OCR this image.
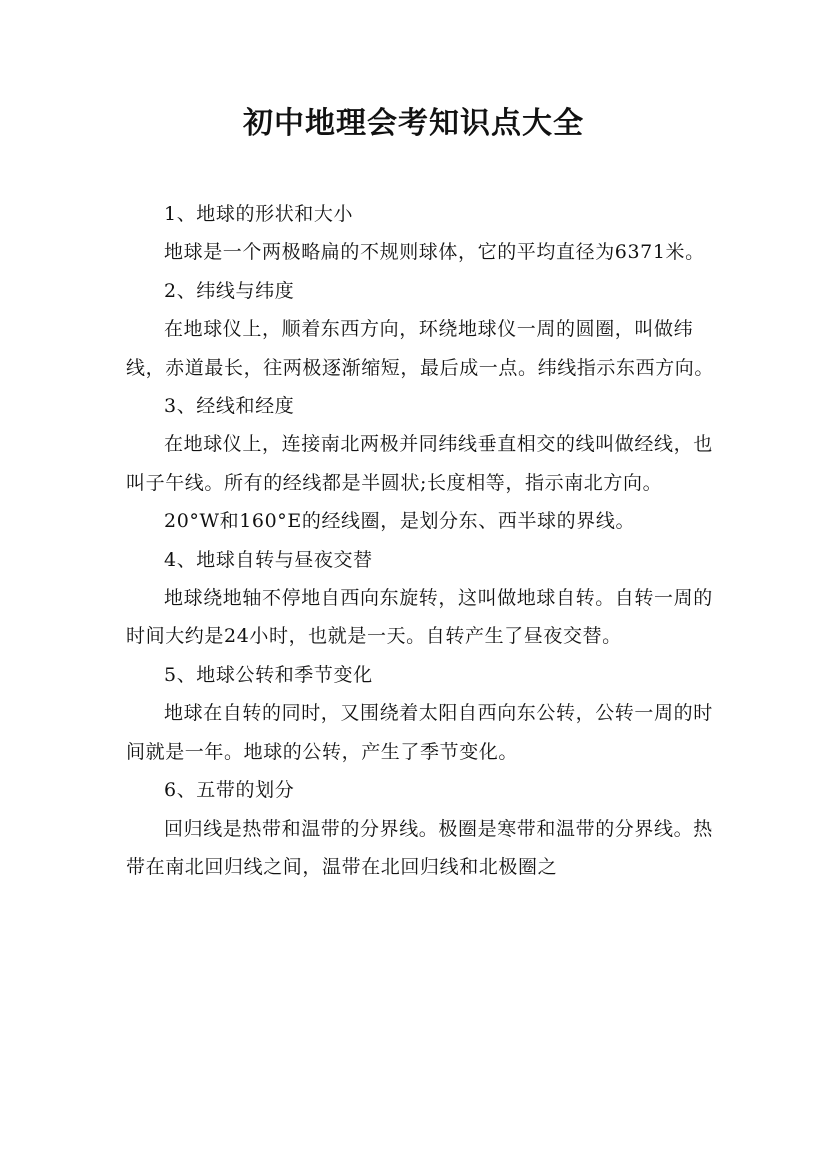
初中地理会考知识点大全

1、地球的形状和大小

地球是一个两极略扁的不规则球体，它的平均直径为6371米。

2、纬线与纬度

在地球仪上，顺着东西方向，环绕地球仪一周的圆圈，叫做纬线，赤道最长，往两极逐渐缩短，最后成一点。纬线指示东西方向。

3、经线和经度

在地球仪上，连接南北两极并同纬线垂直相交的线叫做经线，也叫子午线。所有的经线都是半圆状;长度相等，指示南北方向。

20°W和160°E的经线圈，是划分东、西半球的界线。

4、地球自转与昼夜交替

地球绕地轴不停地自西向东旋转，这叫做地球自转。自转一周的时间大约是24小时，也就是一天。自转产生了昼夜交替。

5、地球公转和季节变化

地球在自转的同时，又围绕着太阳自西向东公转，公转一周的时间就是一年。地球的公转，产生了季节变化。

6、五带的划分

回归线是热带和温带的分界线。极圈是寒带和温带的分界线。热带在南北回归线之间，温带在北回归线和北极圈之
